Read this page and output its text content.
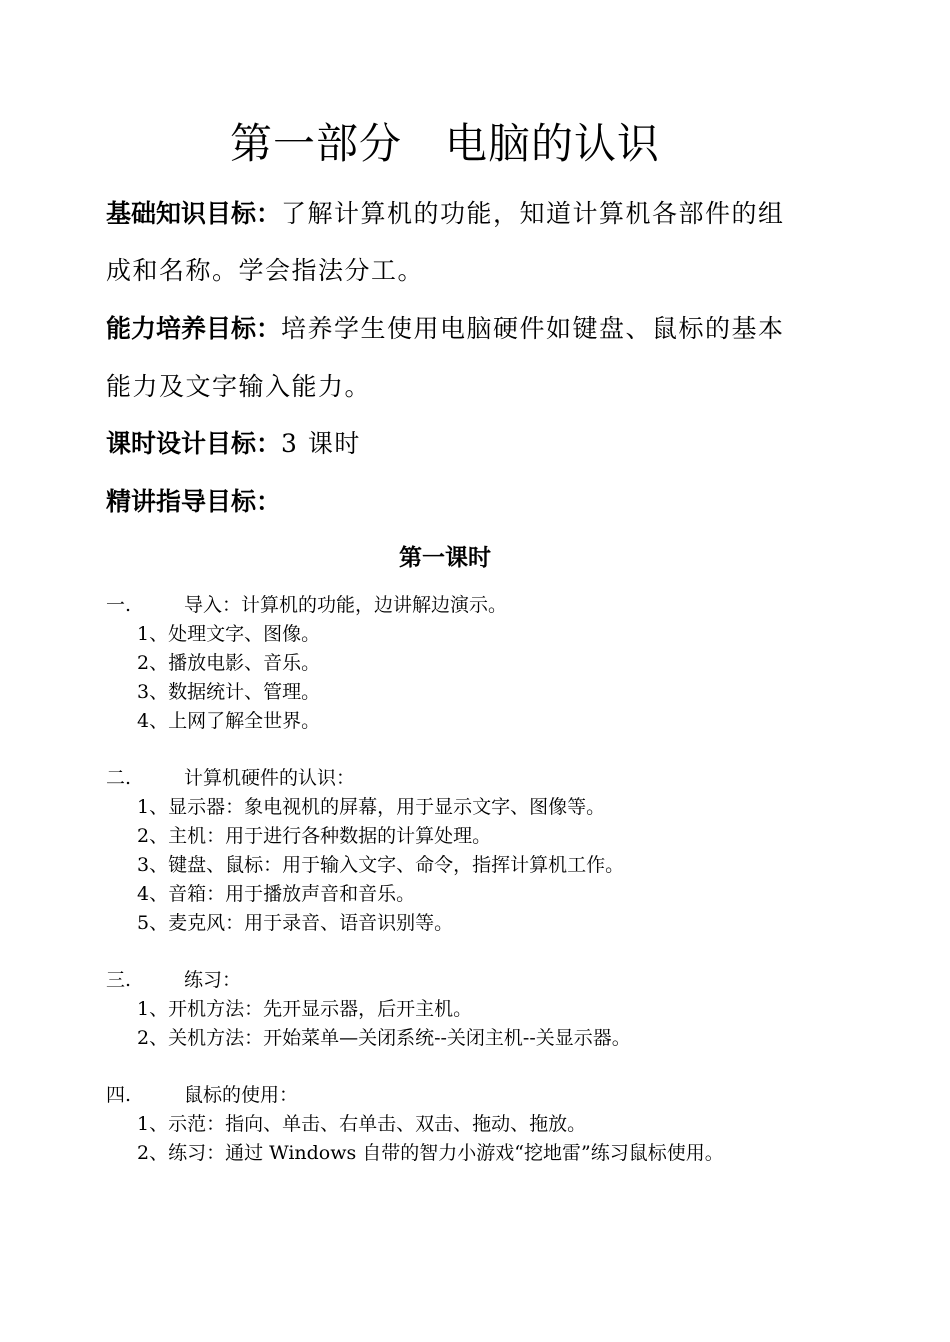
第一部分　电脑的认识
基础知识目标：了解计算机的功能，知道计算机各部件的组
成和名称。学会指法分工。
能力培养目标：培养学生使用电脑硬件如键盘、鼠标的基本
能力及文字输入能力。
课时设计目标：3 课时
精讲指导目标：
第一课时
一.	导入：计算机的功能，边讲解边演示。
1、处理文字、图像。
2、播放电影、音乐。
3、数据统计、管理。
4、上网了解全世界。
二.	计算机硬件的认识：
1、显示器：象电视机的屏幕，用于显示文字、图像等。
2、主机：用于进行各种数据的计算处理。
3、键盘、鼠标：用于输入文字、命令，指挥计算机工作。
4、音箱：用于播放声音和音乐。
5、麦克风：用于录音、语音识别等。
三.	练习：
1、开机方法：先开显示器，后开主机。
2、关机方法：开始菜单—关闭系统--关闭主机--关显示器。
四.	鼠标的使用：
1、示范：指向、单击、右单击、双击、拖动、拖放。
2、练习：通过 Windows 自带的智力小游戏“挖地雷”练习鼠标使用。
